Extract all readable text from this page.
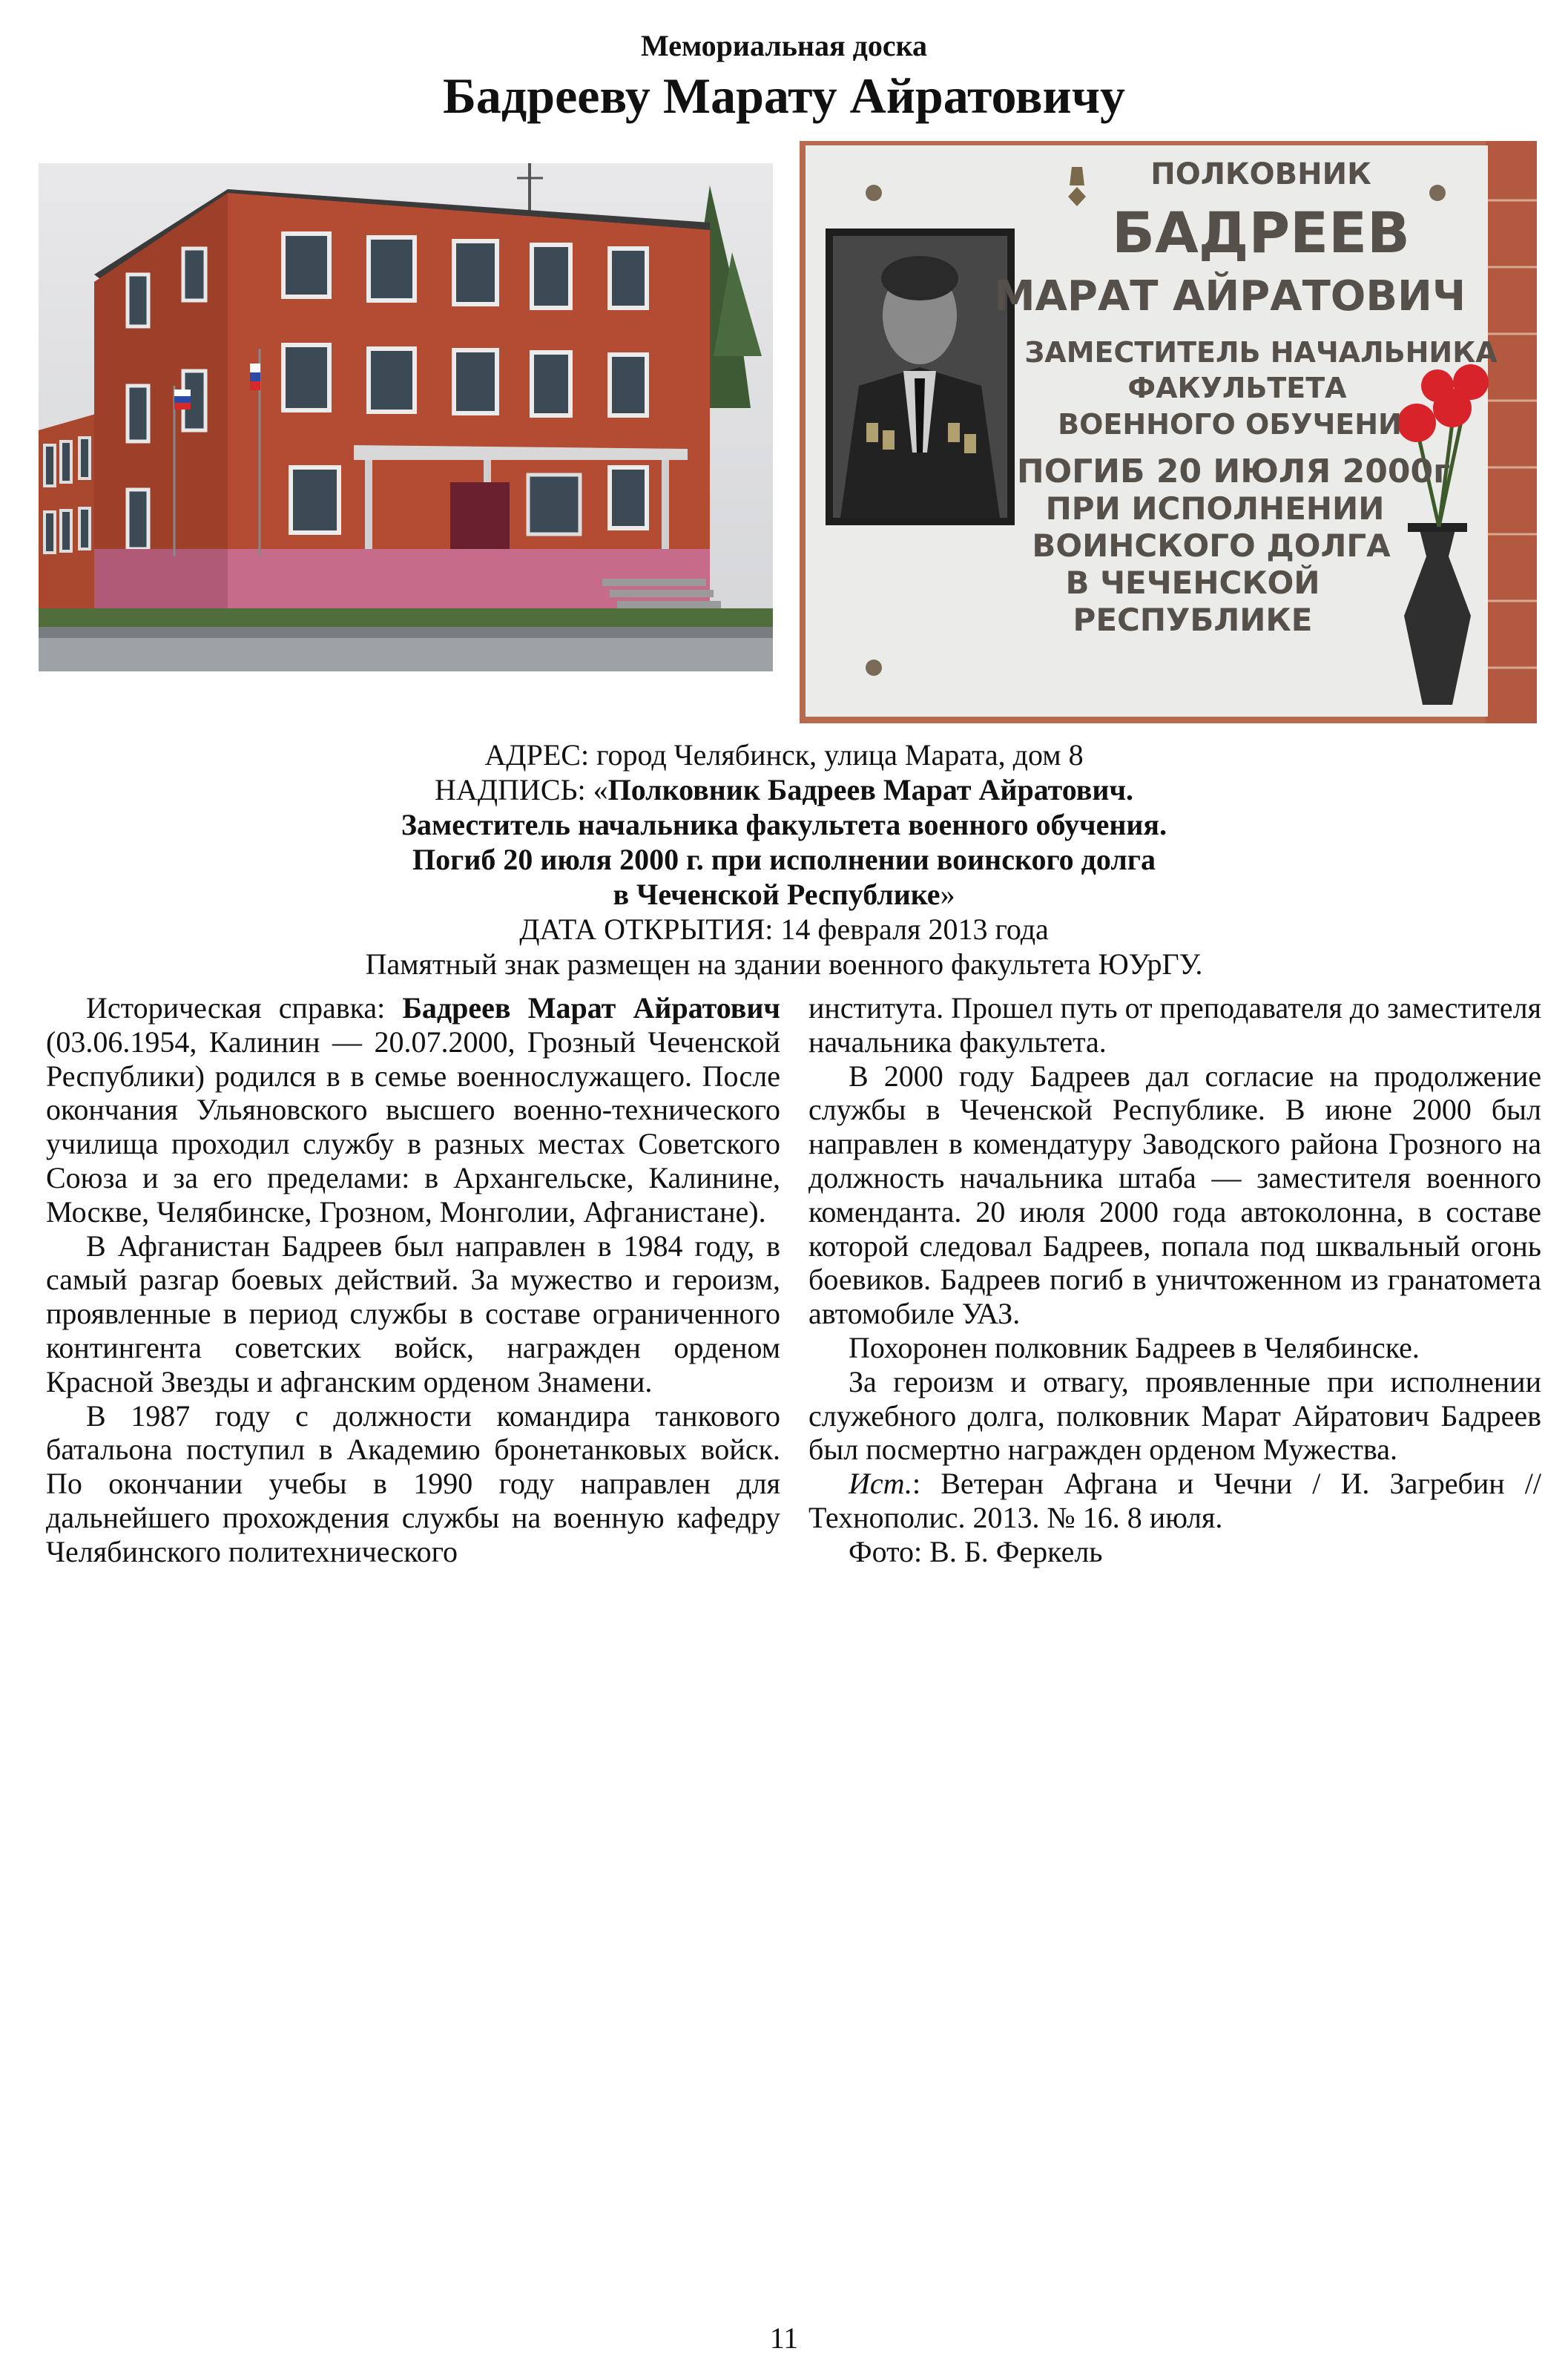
Мемориальная доска
Бадрееву Марату Айратовичу
ПОЛКОВНИК
БАДРЕЕВ
МАРАТ АЙРАТОВИЧ
ЗАМЕСТИТЕЛЬ НАЧАЛЬНИКА
ФАКУЛЬТЕТА
ВОЕННОГО ОБУЧЕНИ
ПОГИБ 20 ИЮЛЯ 2000г
ПРИ ИСПОЛНЕНИИ
ВОИНСКОГО ДОЛГА
В ЧЕЧЕНСКОЙ
РЕСПУБЛИКЕ
АДРЕС: город Челябинск, улица Марата, дом 8
НАДПИСЬ: «Полковник Бадреев Марат Айратович.
Заместитель начальника факультета военного обучения.
Погиб 20 июля 2000 г. при исполнении воинского долга
в Чеченской Республике»
ДАТА ОТКРЫТИЯ: 14 февраля 2013 года
Памятный знак размещен на здании военного факультета ЮУрГУ.

Историческая справка: Бадреев Марат Айратович (03.06.1954, Калинин — 20.07.2000, Грозный Чеченской Республики) родился в в семье военнослужащего. После окончания Ульяновского высшего военно-технического училища проходил службу в разных местах Советского Союза и за его пределами: в Архангельске, Калинине, Москве, Челябинске, Грозном, Монголии, Афганистане).

В Афганистан Бадреев был направлен в 1984 году, в самый разгар боевых действий. За мужество и героизм, проявленные в период службы в составе ограниченного контингента советских войск, награжден орденом Красной Звезды и афганским орденом Знамени.

В 1987 году с должности командира танкового батальона поступил в Академию бронетанковых войск. По окончании учебы в 1990 году направлен для дальнейшего прохождения службы на военную кафедру Челябинского политехнического

института. Прошел путь от преподавателя до заместителя начальника факультета.

В 2000 году Бадреев дал согласие на продолжение службы в Чеченской Республике. В июне 2000 был направлен в комендатуру Заводского района Грозного на должность начальника штаба — заместителя военного коменданта. 20 июля 2000 года автоколонна, в составе которой следовал Бадреев, попала под шквальный огонь боевиков. Бадреев погиб в уничтоженном из гранатомета автомобиле УАЗ.

Похоронен полковник Бадреев в Челябинске.

За героизм и отвагу, проявленные при исполнении служебного долга, полковник Марат Айратович Бадреев был посмертно награжден орденом Мужества.

Ист.: Ветеран Афгана и Чечни / И. Загребин // Технополис. 2013. № 16. 8 июля.

Фото: В. Б. Феркель

11
